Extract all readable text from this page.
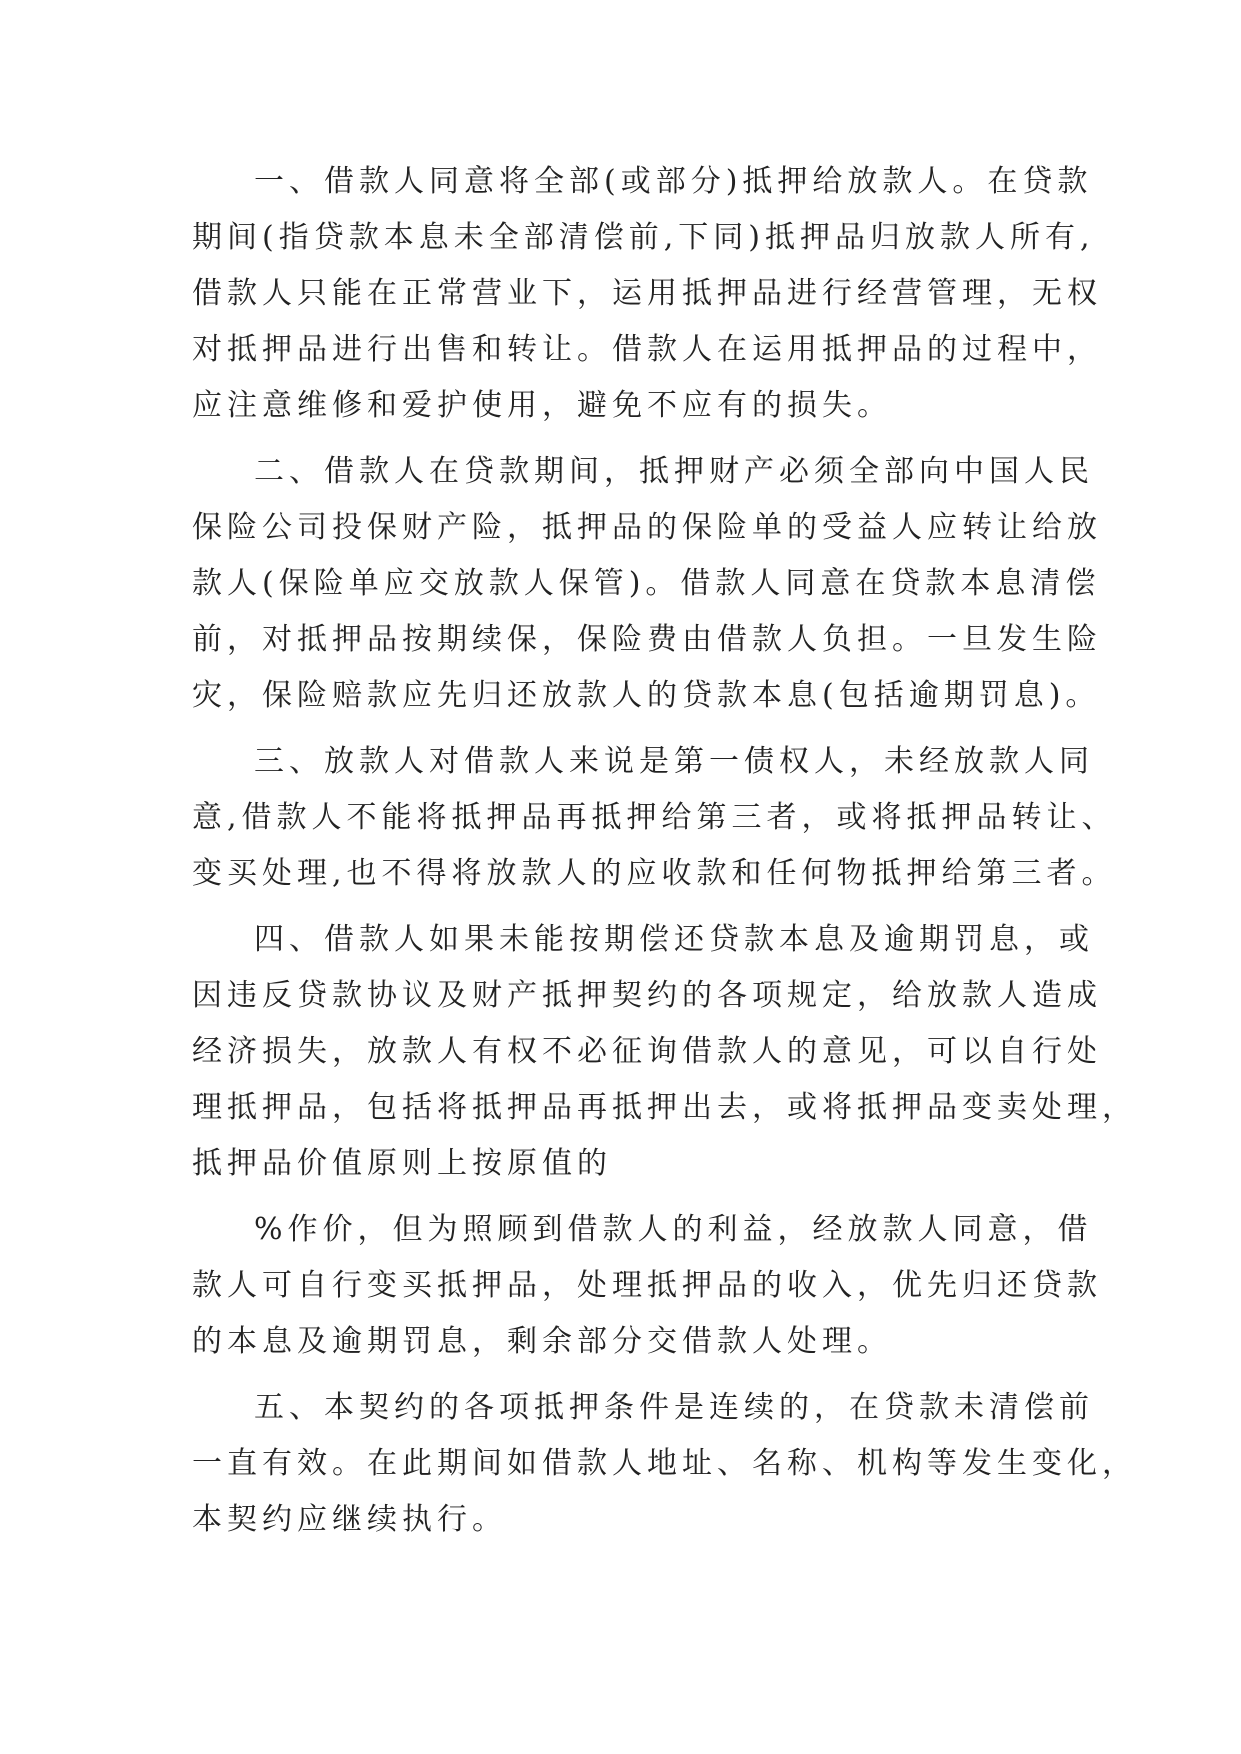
一、借款人同意将全部(或部分)抵押给放款人。在贷款
期间(指贷款本息未全部清偿前,下同)抵押品归放款人所有,
借款人只能在正常营业下，运用抵押品进行经营管理，无权
对抵押品进行出售和转让。借款人在运用抵押品的过程中，
应注意维修和爱护使用，避免不应有的损失。
二、借款人在贷款期间，抵押财产必须全部向中国人民
保险公司投保财产险，抵押品的保险单的受益人应转让给放
款人(保险单应交放款人保管)。借款人同意在贷款本息清偿
前，对抵押品按期续保，保险费由借款人负担。一旦发生险
灾，保险赔款应先归还放款人的贷款本息(包括逾期罚息)。
三、放款人对借款人来说是第一债权人，未经放款人同
意,借款人不能将抵押品再抵押给第三者，或将抵押品转让、
变买处理,也不得将放款人的应收款和任何物抵押给第三者。
四、借款人如果未能按期偿还贷款本息及逾期罚息，或
因违反贷款协议及财产抵押契约的各项规定，给放款人造成
经济损失，放款人有权不必征询借款人的意见，可以自行处
理抵押品，包括将抵押品再抵押出去，或将抵押品变卖处理，
抵押品价值原则上按原值的
%作价，但为照顾到借款人的利益，经放款人同意，借
款人可自行变买抵押品，处理抵押品的收入，优先归还贷款
的本息及逾期罚息，剩余部分交借款人处理。
五、本契约的各项抵押条件是连续的，在贷款未清偿前
一直有效。在此期间如借款人地址、名称、机构等发生变化，
本契约应继续执行。
